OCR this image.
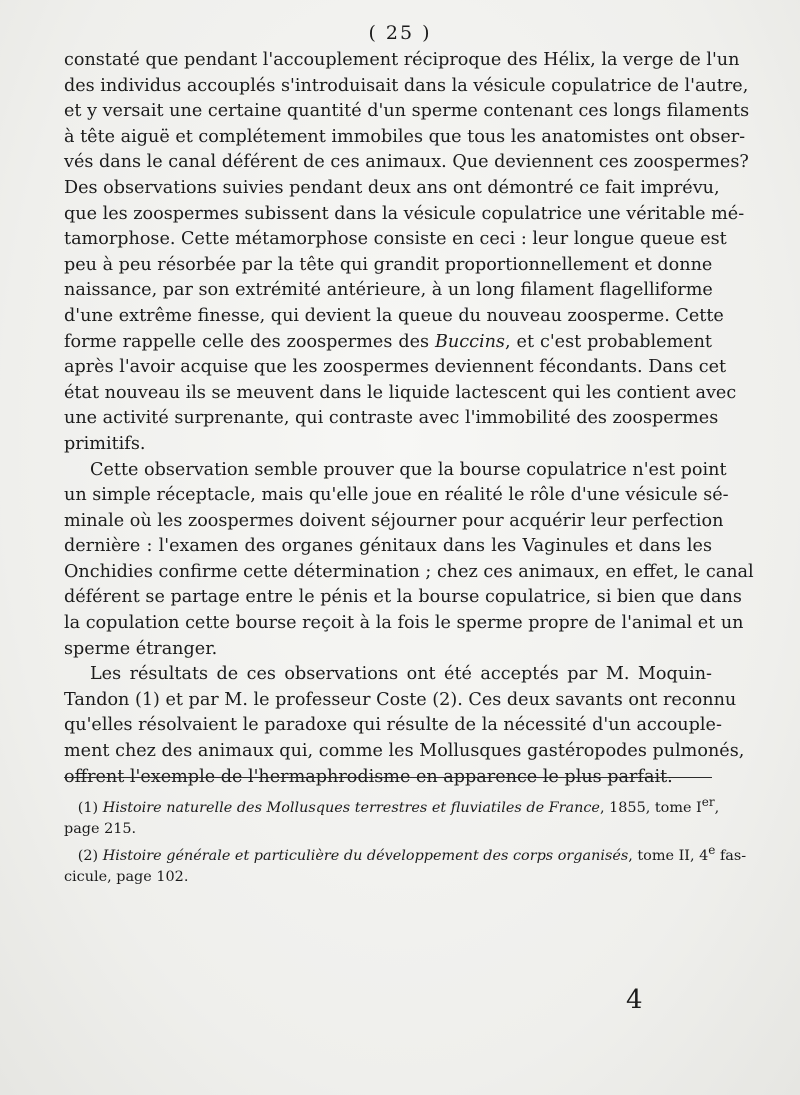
( 25 )
constaté que pendant l'accouplement réciproque des Hélix, la verge de l'un
des individus accouplés s'introduisait dans la vésicule copulatrice de l'autre,
et y versait une certaine quantité d'un sperme contenant ces longs filaments
à tête aiguë et complétement immobiles que tous les anatomistes ont obser-
vés dans le canal déférent de ces animaux. Que deviennent ces zoospermes?
Des observations suivies pendant deux ans ont démontré ce fait imprévu,
que les zoospermes subissent dans la vésicule copulatrice une véritable mé-
tamorphose. Cette métamorphose consiste en ceci : leur longue queue est
peu à peu résorbée par la tête qui grandit proportionnellement et donne
naissance, par son extrémité antérieure, à un long filament flagelliforme
d'une extrême finesse, qui devient la queue du nouveau zoosperme. Cette
forme rappelle celle des zoospermes des Buccins, et c'est probablement
après l'avoir acquise que les zoospermes deviennent fécondants. Dans cet
état nouveau ils se meuvent dans le liquide lactescent qui les contient avec
une activité surprenante, qui contraste avec l'immobilité des zoospermes
primitifs.
Cette observation semble prouver que la bourse copulatrice n'est point
un simple réceptacle, mais qu'elle joue en réalité le rôle d'une vésicule sé-
minale où les zoospermes doivent séjourner pour acquérir leur perfection
dernière : l'examen des organes génitaux dans les Vaginules et dans les
Onchidies confirme cette détermination ; chez ces animaux, en effet, le canal
déférent se partage entre le pénis et la bourse copulatrice, si bien que dans
la copulation cette bourse reçoit à la fois le sperme propre de l'animal et un
sperme étranger.
Les résultats de ces observations ont été acceptés par M. Moquin-
Tandon (1) et par M. le professeur Coste (2). Ces deux savants ont reconnu
qu'elles résolvaient le paradoxe qui résulte de la nécessité d'un accouple-
ment chez des animaux qui, comme les Mollusques gastéropodes pulmonés,
offrent l'exemple de l'hermaphrodisme en apparence le plus parfait.
(1) Histoire naturelle des Mollusques terrestres et fluviatiles de France, 1855, tome Ier,
page 215.
(2) Histoire générale et particulière du développement des corps organisés, tome II, 4e fas-
cicule, page 102.
4
